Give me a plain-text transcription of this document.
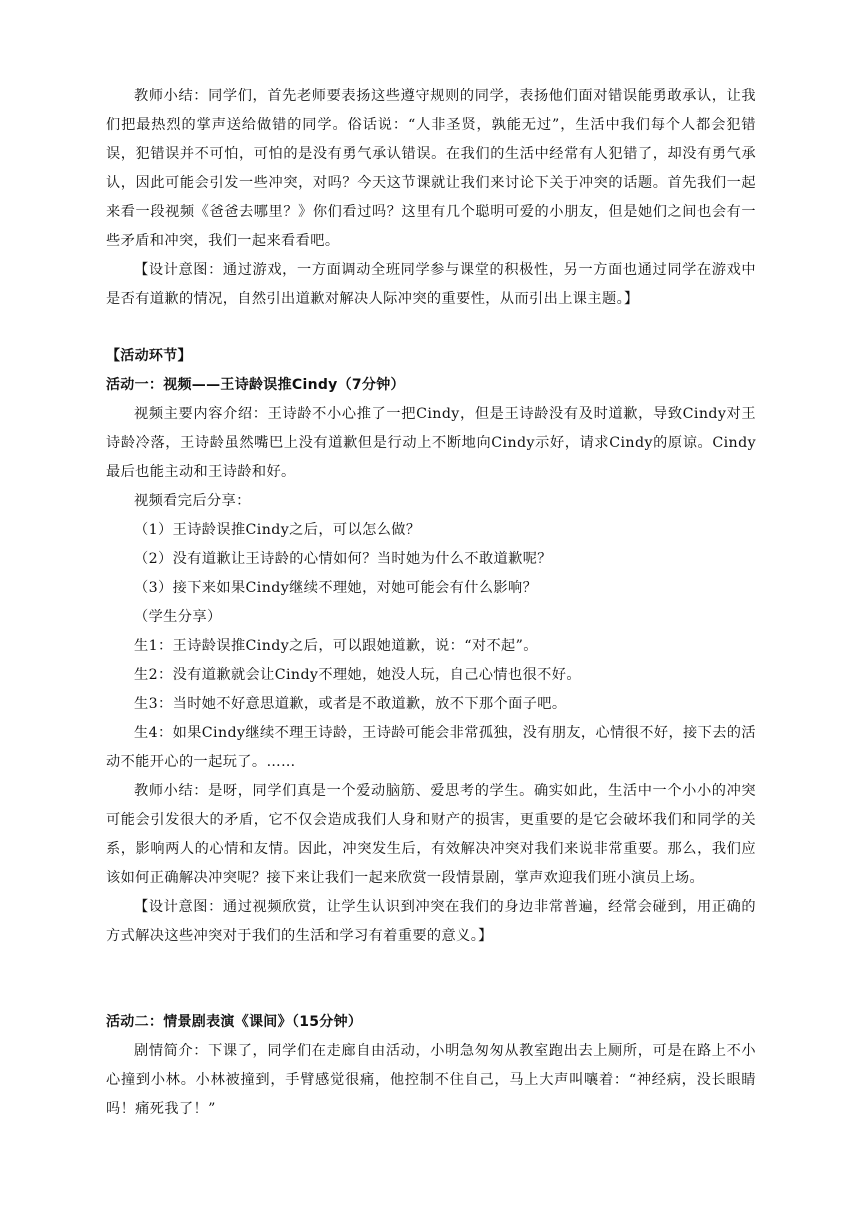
教师小结：同学们，首先老师要表扬这些遵守规则的同学，表扬他们面对错误能勇敢承认，让我们把最热烈的掌声送给做错的同学。俗话说：“人非圣贤，孰能无过”，生活中我们每个人都会犯错误，犯错误并不可怕，可怕的是没有勇气承认错误。在我们的生活中经常有人犯错了，却没有勇气承认，因此可能会引发一些冲突，对吗？今天这节课就让我们来讨论下关于冲突的话题。首先我们一起来看一段视频《爸爸去哪里？》你们看过吗？这里有几个聪明可爱的小朋友，但是她们之间也会有一些矛盾和冲突，我们一起来看看吧。

【设计意图：通过游戏，一方面调动全班同学参与课堂的积极性，另一方面也通过同学在游戏中是否有道歉的情况，自然引出道歉对解决人际冲突的重要性，从而引出上课主题。】

【活动环节】

活动一：视频——王诗龄误推Cindy（7分钟）

视频主要内容介绍：王诗龄不小心推了一把Cindy，但是王诗龄没有及时道歉，导致Cindy对王诗龄冷落，王诗龄虽然嘴巴上没有道歉但是行动上不断地向Cindy示好，请求Cindy的原谅。Cindy最后也能主动和王诗龄和好。

视频看完后分享：

（1）王诗龄误推Cindy之后，可以怎么做？

（2）没有道歉让王诗龄的心情如何？当时她为什么不敢道歉呢？

（3）接下来如果Cindy继续不理她，对她可能会有什么影响？

（学生分享）

生1：王诗龄误推Cindy之后，可以跟她道歉，说：“对不起”。

生2：没有道歉就会让Cindy不理她，她没人玩，自己心情也很不好。

生3：当时她不好意思道歉，或者是不敢道歉，放不下那个面子吧。

生4：如果Cindy继续不理王诗龄，王诗龄可能会非常孤独，没有朋友，心情很不好，接下去的活动不能开心的一起玩了。……

教师小结：是呀，同学们真是一个爱动脑筋、爱思考的学生。确实如此，生活中一个小小的冲突可能会引发很大的矛盾，它不仅会造成我们人身和财产的损害，更重要的是它会破坏我们和同学的关系，影响两人的心情和友情。因此，冲突发生后，有效解决冲突对我们来说非常重要。那么，我们应该如何正确解决冲突呢？接下来让我们一起来欣赏一段情景剧，掌声欢迎我们班小演员上场。

【设计意图：通过视频欣赏，让学生认识到冲突在我们的身边非常普遍，经常会碰到，用正确的方式解决这些冲突对于我们的生活和学习有着重要的意义。】

活动二：情景剧表演《课间》（15分钟）

剧情简介：下课了，同学们在走廊自由活动，小明急匆匆从教室跑出去上厕所，可是在路上不小心撞到小林。小林被撞到，手臂感觉很痛，他控制不住自己，马上大声叫嚷着：“神经病，没长眼睛吗！痛死我了！”
